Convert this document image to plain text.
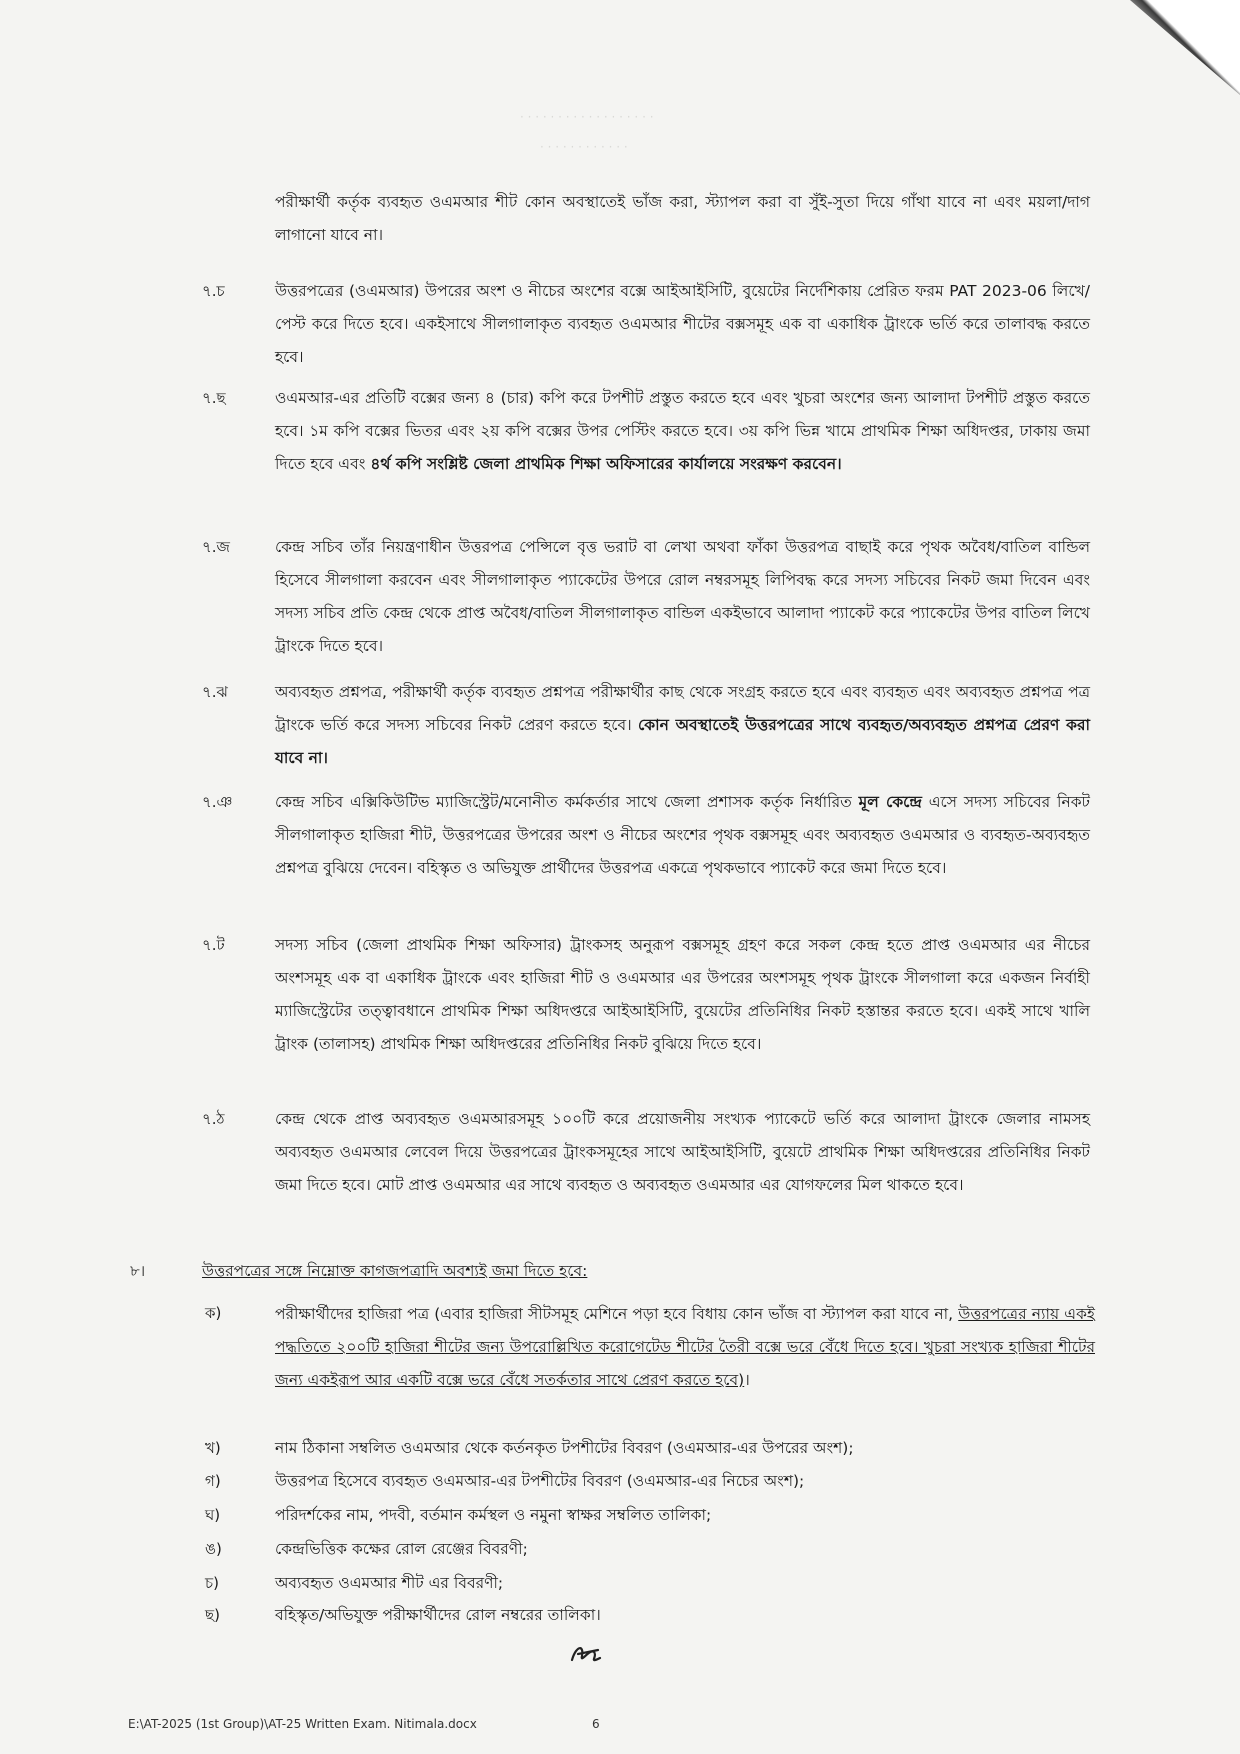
· · · · · · · · · · · · · · · · · ·
· · · · · · · · · · · ·
পরীক্ষার্থী কর্তৃক ব্যবহৃত ওএমআর শীট কোন অবস্থাতেই ভাঁজ করা, স্ট্যাপল করা বা সুঁই-সুতা দিয়ে গাঁথা যাবে না এবং ময়লা/দাগ লাগানো যাবে না।
৭.চ	উত্তরপত্রের (ওএমআর) উপরের অংশ ও নীচের অংশের বক্সে আইআইসিটি, বুয়েটের নির্দেশিকায় প্রেরিত ফরম PAT 2023-06 লিখে/পেস্ট করে দিতে হবে। একইসাথে সীলগালাকৃত ব্যবহৃত ওএমআর শীটের বক্সসমূহ এক বা একাধিক ট্রাংকে ভর্তি করে তালাবদ্ধ করতে হবে।
৭.ছ	ওএমআর-এর প্রতিটি বক্সের জন্য ৪ (চার) কপি করে টপশীট প্রস্তুত করতে হবে এবং খুচরা অংশের জন্য আলাদা টপশীট প্রস্তুত করতে হবে। ১ম কপি বক্সের ভিতর এবং ২য় কপি বক্সের উপর পেস্টিং করতে হবে। ৩য় কপি ভিন্ন খামে প্রাথমিক শিক্ষা অধিদপ্তর, ঢাকায় জমা দিতে হবে এবং ৪র্থ কপি সংশ্লিষ্ট জেলা প্রাথমিক শিক্ষা অফিসারের কার্যালয়ে সংরক্ষণ করবেন।
৭.জ	কেন্দ্র সচিব তাঁর নিয়ন্ত্রণাধীন উত্তরপত্র পেন্সিলে বৃত্ত ভরাট বা লেখা অথবা ফাঁকা উত্তরপত্র বাছাই করে পৃথক অবৈধ/বাতিল বান্ডিল হিসেবে সীলগালা করবেন এবং সীলগালাকৃত প্যাকেটের উপরে রোল নম্বরসমূহ লিপিবদ্ধ করে সদস্য সচিবের নিকট জমা দিবেন এবং সদস্য সচিব প্রতি কেন্দ্র থেকে প্রাপ্ত অবৈধ/বাতিল সীলগালাকৃত বান্ডিল একইভাবে আলাদা প্যাকেট করে প্যাকেটের উপর বাতিল লিখে ট্রাংকে দিতে হবে।
৭.ঝ	অব্যবহৃত প্রশ্নপত্র, পরীক্ষার্থী কর্তৃক ব্যবহৃত প্রশ্নপত্র পরীক্ষার্থীর কাছ থেকে সংগ্রহ করতে হবে এবং ব্যবহৃত এবং অব্যবহৃত প্রশ্নপত্র পত্র ট্রাংকে ভর্তি করে সদস্য সচিবের নিকট প্রেরণ করতে হবে। কোন অবস্থাতেই উত্তরপত্রের সাথে ব্যবহৃত/অব্যবহৃত প্রশ্নপত্র প্রেরণ করা যাবে না।
৭.ঞ	কেন্দ্র সচিব এক্সিকিউটিভ ম্যাজিস্ট্রেট/মনোনীত কর্মকর্তার সাথে জেলা প্রশাসক কর্তৃক নির্ধারিত মূল কেন্দ্রে এসে সদস্য সচিবের নিকট সীলগালাকৃত হাজিরা শীট, উত্তরপত্রের উপরের অংশ ও নীচের অংশের পৃথক বক্সসমূহ এবং অব্যবহৃত ওএমআর ও ব্যবহৃত-অব্যবহৃত প্রশ্নপত্র বুঝিয়ে দেবেন। বহিস্কৃত ও অভিযুক্ত প্রার্থীদের উত্তরপত্র একত্রে পৃথকভাবে প্যাকেট করে জমা দিতে হবে।
৭.ট	সদস্য সচিব (জেলা প্রাথমিক শিক্ষা অফিসার) ট্রাংকসহ অনুরূপ বক্সসমূহ গ্রহণ করে সকল কেন্দ্র হতে প্রাপ্ত ওএমআর এর নীচের অংশসমূহ এক বা একাধিক ট্রাংকে এবং হাজিরা শীট ও ওএমআর এর উপরের অংশসমূহ পৃথক ট্রাংকে সীলগালা করে একজন নির্বাহী ম্যাজিস্ট্রেটের তত্ত্বাবধানে প্রাথমিক শিক্ষা অধিদপ্তরে আইআইসিটি, বুয়েটের প্রতিনিধির নিকট হস্তান্তর করতে হবে। একই সাথে খালি ট্রাংক (তালাসহ) প্রাথমিক শিক্ষা অধিদপ্তরের প্রতিনিধির নিকট বুঝিয়ে দিতে হবে।
৭.ঠ	কেন্দ্র থেকে প্রাপ্ত অব্যবহৃত ওএমআরসমূহ ১০০টি করে প্রয়োজনীয় সংখ্যক প্যাকেটে ভর্তি করে আলাদা ট্রাংকে জেলার নামসহ অব্যবহৃত ওএমআর লেবেল দিয়ে উত্তরপত্রের ট্রাংকসমূহের সাথে আইআইসিটি, বুয়েটে প্রাথমিক শিক্ষা অধিদপ্তরের প্রতিনিধির নিকট জমা দিতে হবে। মোট প্রাপ্ত ওএমআর এর সাথে ব্যবহৃত ও অব্যবহৃত ওএমআর এর যোগফলের মিল থাকতে হবে।
৮।	উত্তরপত্রের সঙ্গে নিম্নোক্ত কাগজপত্রাদি অবশ্যই জমা দিতে হবে:
ক)	পরীক্ষার্থীদের হাজিরা পত্র (এবার হাজিরা সীটসমূহ মেশিনে পড়া হবে বিধায় কোন ভাঁজ বা স্ট্যাপল করা যাবে না, উত্তরপত্রের ন্যায় একই পদ্ধতিতে ২০০টি হাজিরা শীটের জন্য উপরোল্লিখিত করোগেটেড শীটের তৈরী বক্সে ভরে বেঁধে দিতে হবে। খুচরা সংখ্যক হাজিরা শীটের জন্য একইরূপ আর একটি বক্সে ভরে বেঁধে সতর্কতার সাথে প্রেরণ করতে হবে)।
খ)	নাম ঠিকানা সম্বলিত ওএমআর থেকে কর্তনকৃত টপশীটের বিবরণ (ওএমআর-এর উপরের অংশ);
গ)	উত্তরপত্র হিসেবে ব্যবহৃত ওএমআর-এর টপশীটের বিবরণ (ওএমআর-এর নিচের অংশ);
ঘ)	পরিদর্শকের নাম, পদবী, বর্তমান কর্মস্থল ও নমুনা স্বাক্ষর সম্বলিত তালিকা;
ঙ)	কেন্দ্রভিত্তিক কক্ষের রোল রেঞ্জের বিবরণী;
চ)	অব্যবহৃত ওএমআর শীট এর বিবরণী;
ছ)	বহিস্কৃত/অভিযুক্ত পরীক্ষার্থীদের রোল নম্বরের তালিকা।
E:\AT-2025 (1st Group)\AT-25 Written Exam. Nitimala.docx	6
